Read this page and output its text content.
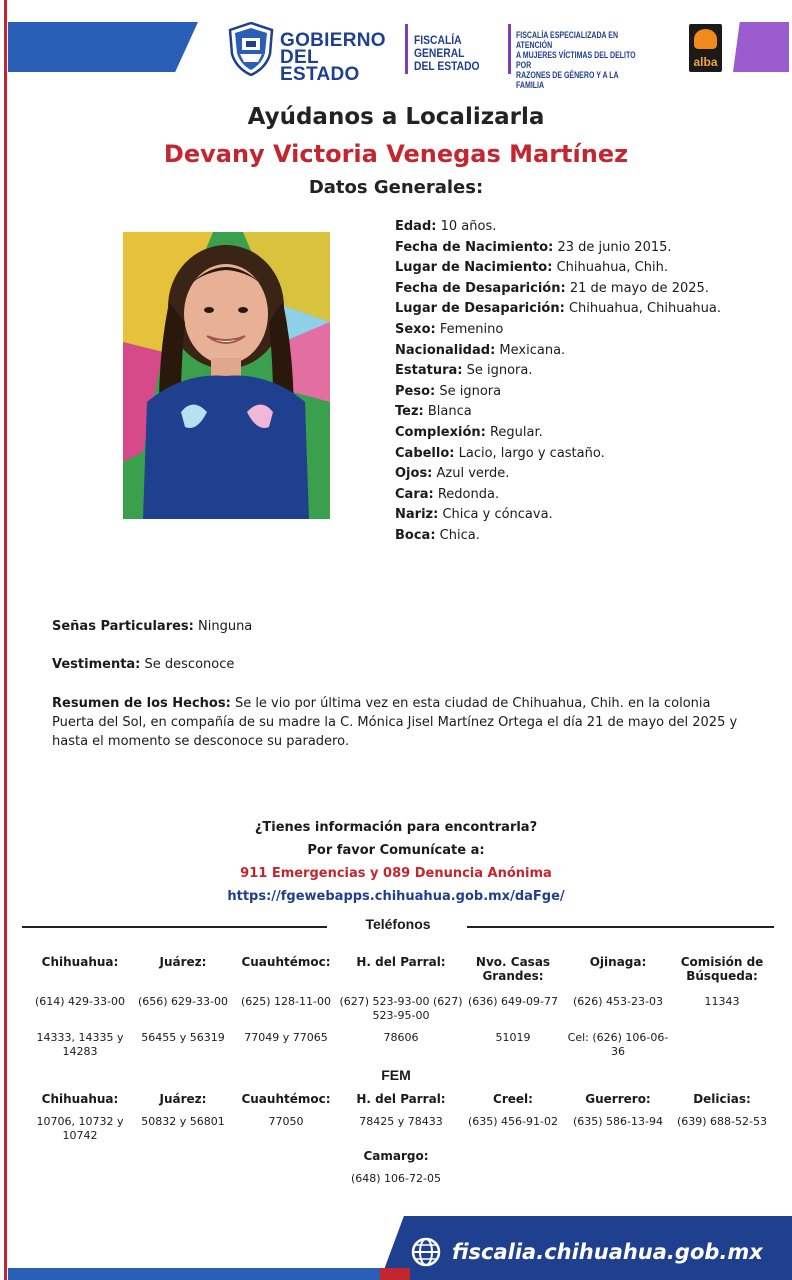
GOBIERNO
DEL ESTADO
FISCALÍA GENERAL
DEL ESTADO
FISCALÍA ESPECIALIZADA EN ATENCIÓN
A MUJERES VÍCTIMAS DEL DELITO POR
RAZONES DE GÉNERO Y A LA FAMILIA
alba
Ayúdanos a Localizarla
Devany Victoria Venegas Martínez
Datos Generales:
Edad: 10 años.
Fecha de Nacimiento: 23 de junio 2015.
Lugar de Nacimiento: Chihuahua, Chih.
Fecha de Desaparición: 21 de mayo de 2025.
Lugar de Desaparición: Chihuahua, Chihuahua.
Sexo: Femenino
Nacionalidad: Mexicana.
Estatura: Se ignora.
Peso: Se ignora
Tez: Blanca
Complexión: Regular.
Cabello: Lacio, largo y castaño.
Ojos: Azul verde.
Cara: Redonda.
Nariz: Chica y cóncava.
Boca: Chica.
Señas Particulares: Ninguna
Vestimenta: Se desconoce
Resumen de los Hechos: Se le vio por última vez en esta ciudad de Chihuahua, Chih. en la colonia Puerta del Sol, en compañía de su madre la C. Mónica Jisel Martínez Ortega el día 21 de mayo del 2025 y hasta el momento se desconoce su paradero.
¿Tienes información para encontrarla?
Por favor Comunícate a:
911 Emergencias y 089 Denuncia Anónima
https://fgewebapps.chihuahua.gob.mx/daFge/
Teléfonos
Chihuahua:
(614) 429-33-00
14333, 14335 y 14283
Juárez:
(656) 629-33-00
56455 y 56319
Cuauhtémoc:
(625) 128-11-00
77049 y 77065
H. del Parral:
(627) 523-93-00 (627) 523-95-00
78606
Nvo. Casas Grandes:
(636) 649-09-77
51019
Ojinaga:
(626) 453-23-03
Cel: (626) 106-06-36
Comisión de Búsqueda:
11343
FEM
Chihuahua:
10706, 10732 y 10742
Juárez:
50832 y 56801
Cuauhtémoc:
77050
H. del Parral:
78425 y 78433
Creel:
(635) 456-91-02
Guerrero:
(635) 586-13-94
Delicias:
(639) 688-52-53
Camargo:
(648) 106-72-05
fiscalia.chihuahua.gob.mx
